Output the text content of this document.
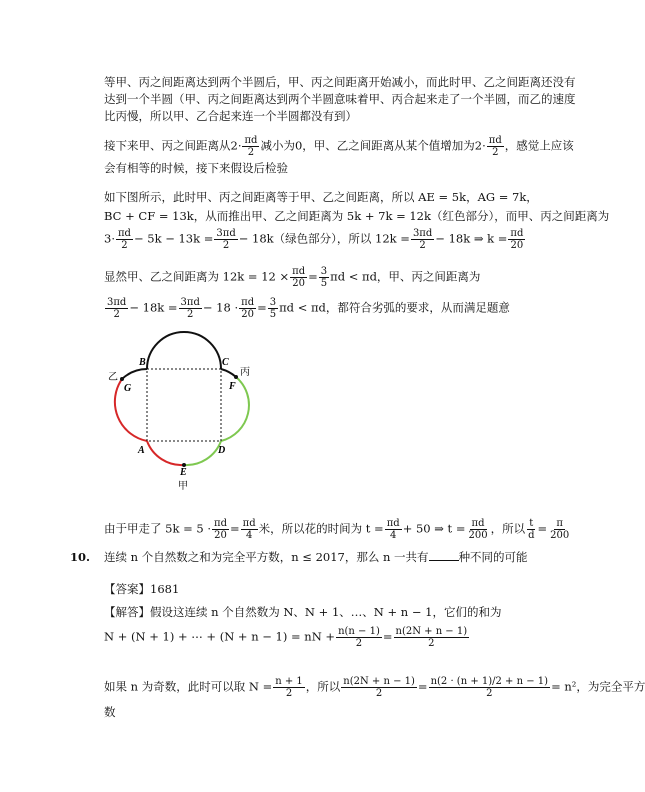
等甲、丙之间距离达到两个半圆后，甲、丙之间距离开始减小，而此时甲、乙之间距离还没有
达到一个半圆（甲、丙之间距离达到两个半圆意味着甲、丙合起来走了一个半圆，而乙的速度
比丙慢，所以甲、乙合起来连一个半圆都没有到）
接下来甲、丙之间距离从$2\cdot \frac{\pi d}{2}$ 减小为0，甲、乙之间距离从某个值增加为$2\cdot \frac{\pi d}{2}$ ，感觉上应该
会有相等的时候，接下来假设后检验
如下图所示，此时甲、丙之间距离等于甲、乙之间距离，所以 AE = 5k，AG = 7k，
BC + CF = 13k，从而推出甲、乙之间距离为 5k + 7k = 12k（红色部分），而甲、丙之间距离为
$3\cdot \frac{\pi d}{2} - 5k - 13k = \frac{3\pi d}{2} - 18k$（绿色部分），所以 $12k = \frac{3\pi d}{2} - 18k$ ⇒ $k = \frac{\pi d}{20}$
显然甲、乙之间距离为 $12k = 12 \times \frac{\pi d}{20} = \frac{3}{5}$ πd < πd，甲、丙之间距离为
$\frac{3\pi d}{2} - 18k = \frac{3\pi d}{2} - 18 \cdot \frac{\pi d}{20} = \frac{3}{5}$ πd < πd，都符合劣弧的要求，从而满足题意
B	C
A	D
E
F
G
乙	丙
甲
由于甲走了 $5k = 5 \cdot \frac{\pi d}{20} = \frac{\pi d}{4}$ 米，所以花的时间为 $t = \frac{\pi d}{4} + 50$ ⇒ $t = \frac{\pi d}{200}$ ，所以 $\frac{t}{d} = \frac{\pi}{200}$
10. 连续 n 个自然数之和为完全平方数，n ≤ 2017，那么 n 一共有	种不同的可能
【答案】1681
【解答】假设这连续 n 个自然数为 N、N + 1、…、N + n − 1，它们的和为
N + (N + 1) + ⋯ + (N + n − 1) = nN + $\frac{n(n - 1)}{2} = \frac{n(2N + n - 1)}{2}$
如果 n 为奇数，此时可以取 $N = \frac{n + 1}{2}$ ，所以 $\frac{n(2N + n - 1)}{2} = \frac{n(2 \cdot (n + 1)/2 + n - 1)}{2} = n^2$，为完全平方
数
